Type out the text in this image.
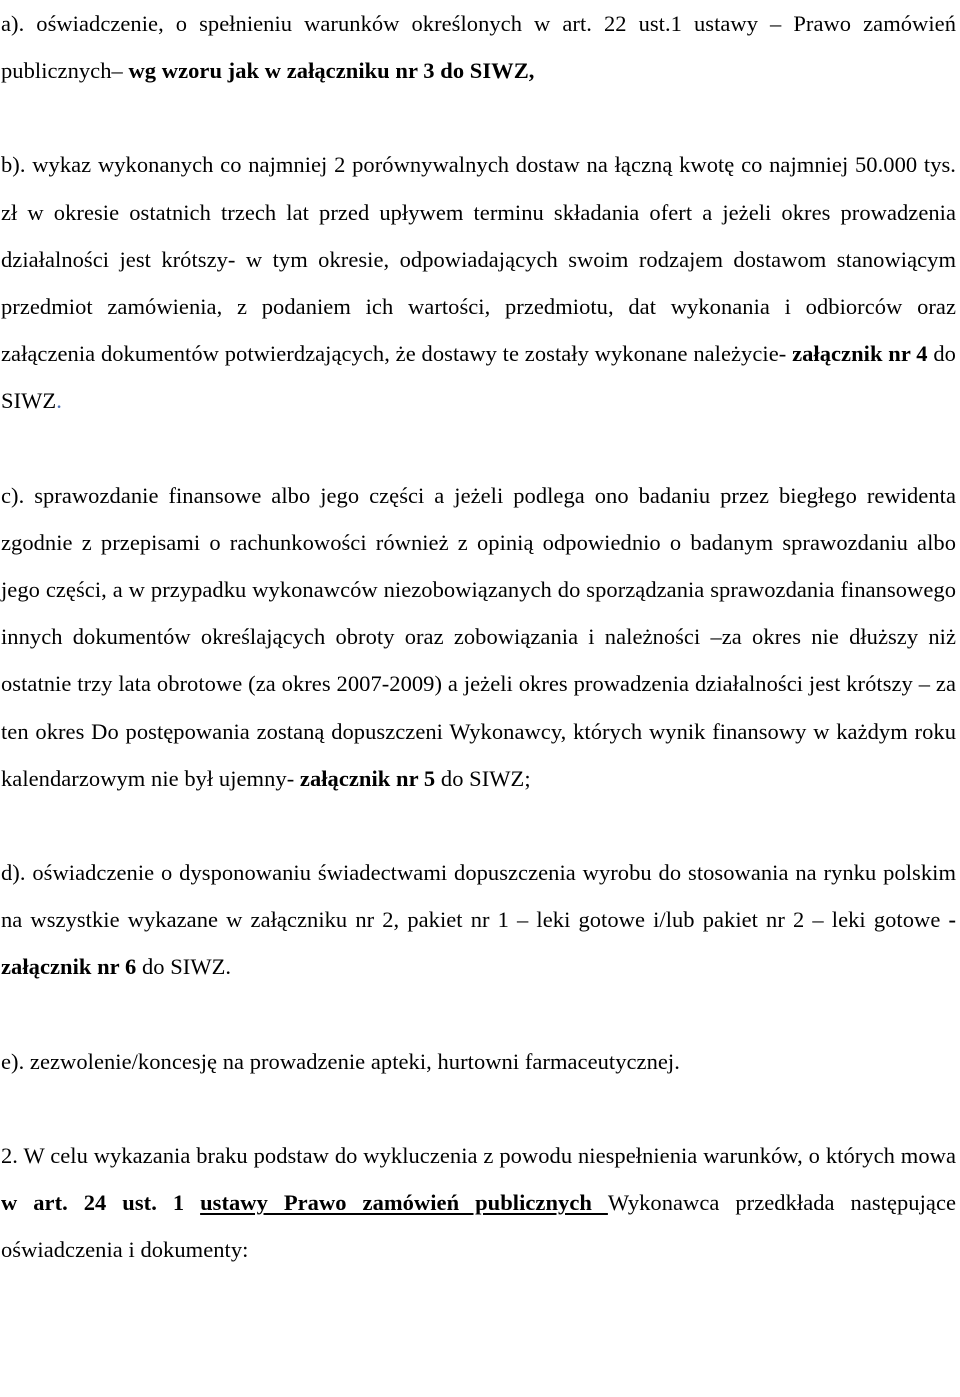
a). oświadczenie, o spełnieniu warunków określonych w art. 22 ust.1 ustawy – Prawo zamówień publicznych– wg wzoru jak w załączniku nr 3 do SIWZ,

b). wykaz wykonanych co najmniej 2 porównywalnych dostaw na łączną kwotę co najmniej 50.000 tys. zł w okresie ostatnich trzech lat przed upływem terminu składania ofert a jeżeli okres prowadzenia działalności jest krótszy- w tym okresie, odpowiadających swoim rodzajem dostawom stanowiącym przedmiot zamówienia, z podaniem ich wartości, przedmiotu, dat wykonania i odbiorców oraz załączenia dokumentów potwierdzających, że dostawy te zostały wykonane należycie- załącznik nr 4 do SIWZ.

c). sprawozdanie finansowe albo jego części a jeżeli podlega ono badaniu przez biegłego rewidenta zgodnie z przepisami o rachunkowości również z opinią odpowiednio o badanym sprawozdaniu albo jego części, a w przypadku wykonawców niezobowiązanych do sporządzania sprawozdania finansowego innych dokumentów określających obroty oraz zobowiązania i należności –za okres nie dłuższy niż ostatnie trzy lata obrotowe (za okres 2007-2009) a jeżeli okres prowadzenia działalności jest krótszy – za ten okres Do postępowania zostaną dopuszczeni Wykonawcy, których wynik finansowy w każdym roku kalendarzowym nie był ujemny- załącznik nr 5 do SIWZ;

d). oświadczenie o dysponowaniu świadectwami dopuszczenia wyrobu do stosowania na rynku polskim na wszystkie wykazane w załączniku nr 2, pakiet nr 1 – leki gotowe i/lub pakiet nr 2 – leki gotowe - załącznik nr 6 do SIWZ.

e). zezwolenie/koncesję na prowadzenie apteki, hurtowni farmaceutycznej.

2. W celu wykazania braku podstaw do wykluczenia z powodu niespełnienia warunków, o których mowa w art. 24 ust. 1 ustawy Prawo zamówień publicznych Wykonawca przedkłada następujące oświadczenia i dokumenty:
